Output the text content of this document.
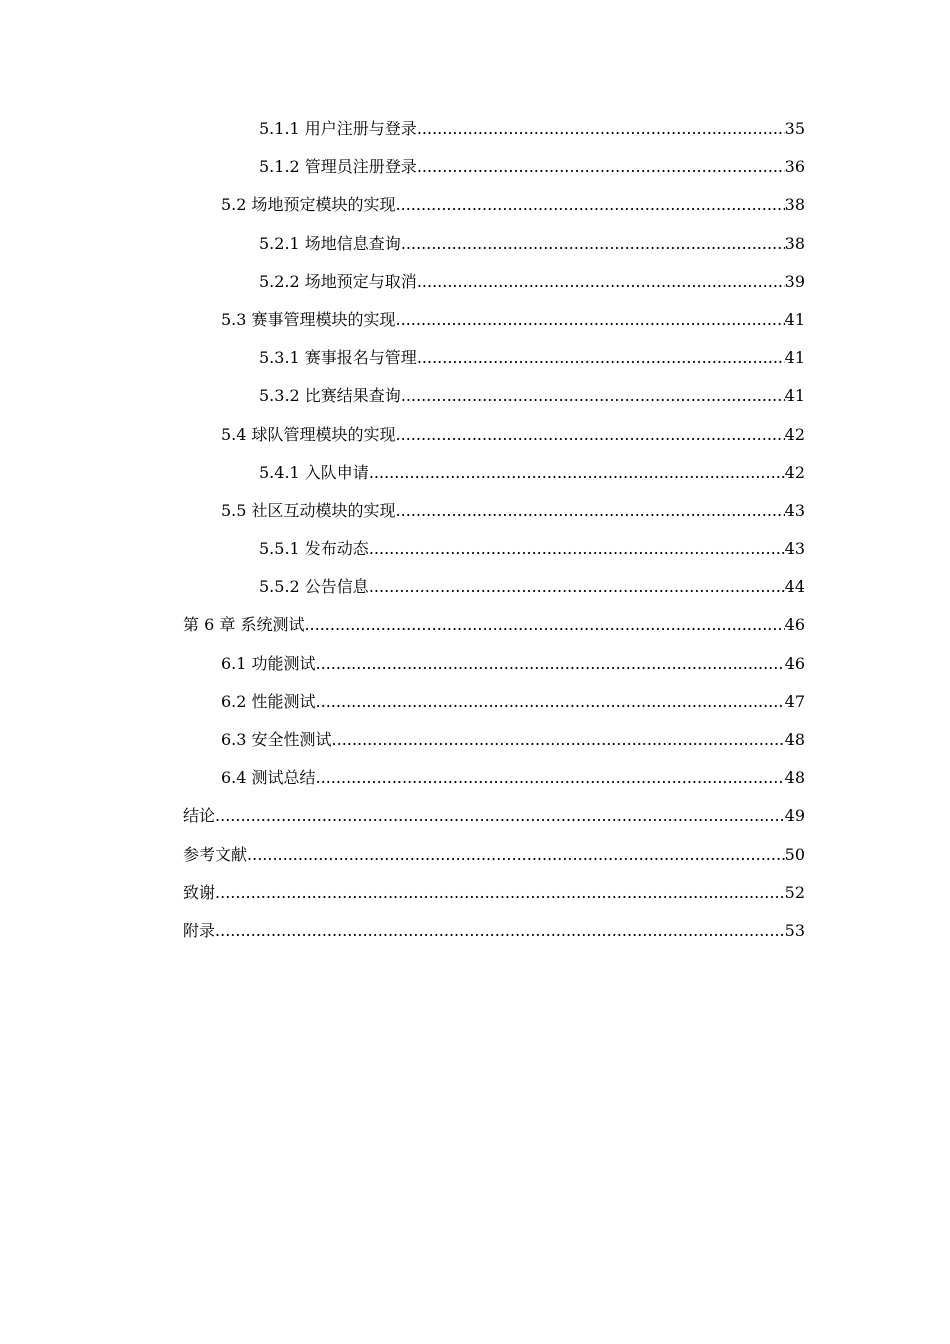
5.1.1 用户注册与登录 .....	35
5.1.2 管理员注册登录 .....	36
5.2 场地预定模块的实现 .....	38
5.2.1 场地信息查询 .....	38
5.2.2 场地预定与取消 .....	39
5.3 赛事管理模块的实现 .....	41
5.3.1 赛事报名与管理 .....	41
5.3.2 比赛结果查询 .....	41
5.4 球队管理模块的实现 .....	42
5.4.1 入队申请 .....	42
5.5 社区互动模块的实现 .....	43
5.5.1 发布动态 .....	43
5.5.2 公告信息 .....	44
第 6 章 系统测试 .....	46
6.1 功能测试 .....	46
6.2 性能测试 .....	47
6.3 安全性测试 .....	48
6.4 测试总结 .....	48
结论 .....	49
参考文献 .....	50
致谢 .....	52
附录 .....	53
